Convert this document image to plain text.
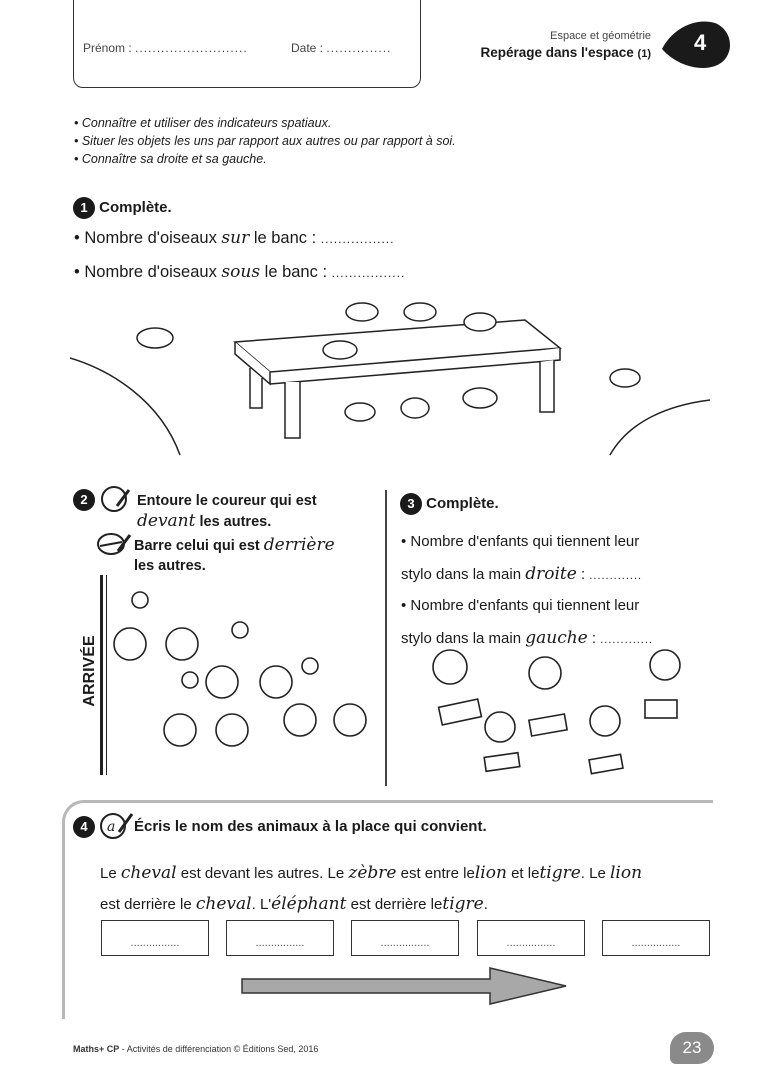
Prénom : ..........................	Date : ...............
Espace et géométrie
Repérage dans l'espace (1) 4
• Connaître et utiliser des indicateurs spatiaux.
• Situer les objets les uns par rapport aux autres ou par rapport à soi.
• Connaître sa droite et sa gauche.
1 Complète.
• Nombre d'oiseaux sur le banc : .................
• Nombre d'oiseaux sous le banc : .................
2	Entoure le coureur qui est
devant les autres.
Barre celui qui est derrière
les autres.
ARRIVÉE
3 Complète.
• Nombre d'enfants qui tiennent leur
stylo dans la main droite : .............
• Nombre d'enfants qui tiennent leur
stylo dans la main gauche : .............
4	a Écris le nom des animaux à la place qui convient.
Le cheval est devant les autres. Le zèbre est entre lelion et letigre. Le lion
est derrière le cheval. L'éléphant est derrière letigre.
................	................	................	................	................
Maths+ CP - Activités de différenciation © Éditions Sed, 2016	23
